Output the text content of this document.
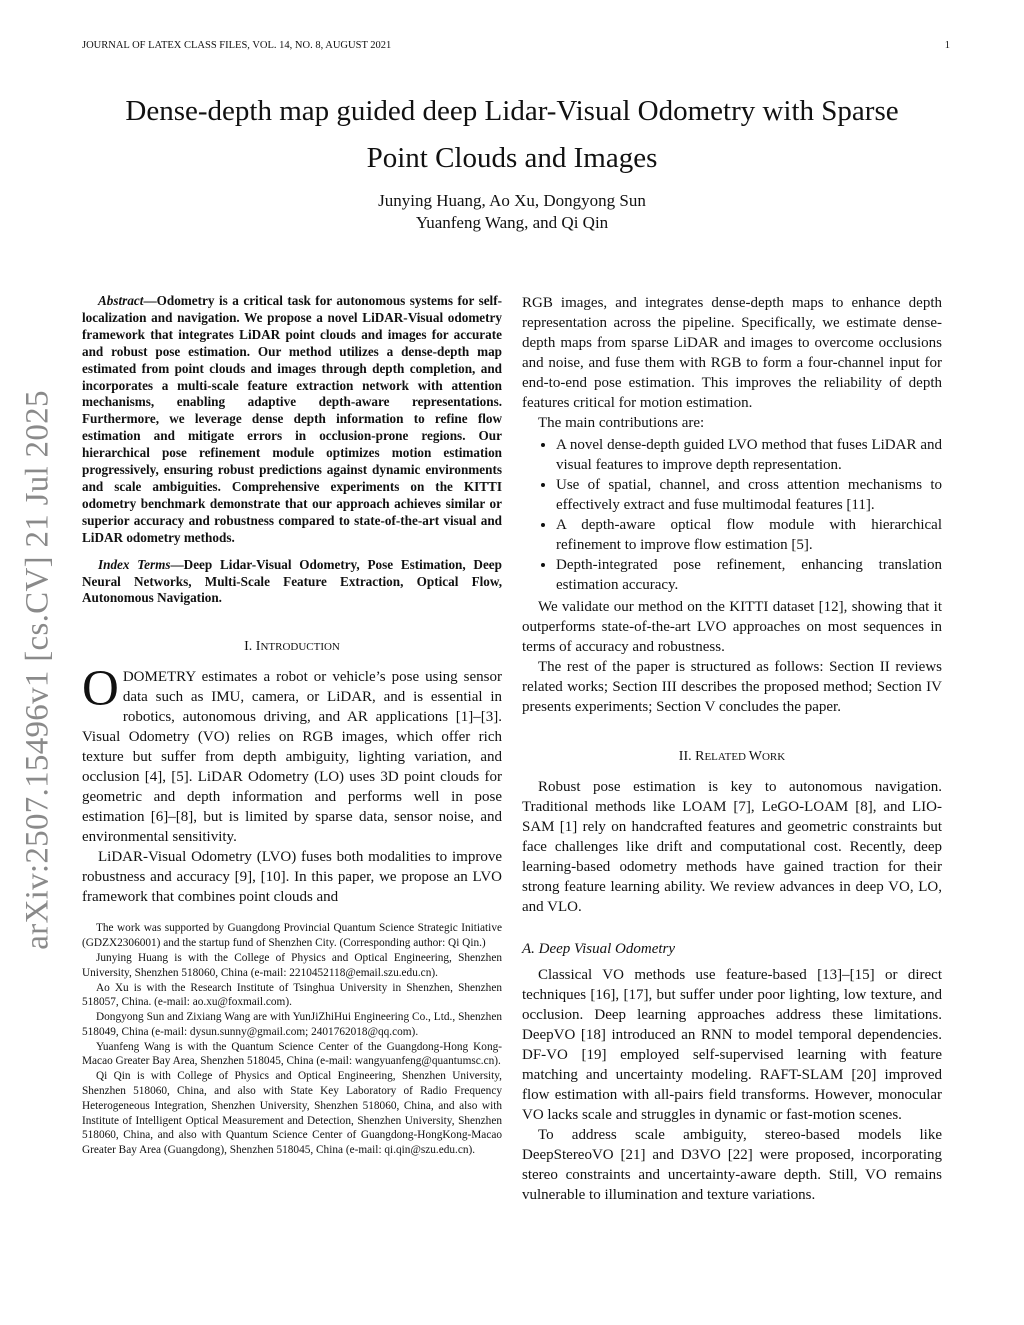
JOURNAL OF LATEX CLASS FILES, VOL. 14, NO. 8, AUGUST 2021	1
Dense-depth map guided deep Lidar-Visual Odometry with Sparse
Point Clouds and Images
Junying Huang, Ao Xu, Dongyong Sun
Yuanfeng Wang, and Qi Qin
arXiv:2507.15496v1 [cs.CV] 21 Jul 2025

Abstract—Odometry is a critical task for autonomous systems for self-localization and navigation. We propose a novel LiDAR-Visual odometry framework that integrates LiDAR point clouds and images for accurate and robust pose estimation. Our method utilizes a dense-depth map estimated from point clouds and images through depth completion, and incorporates a multi-scale feature extraction network with attention mechanisms, enabling adaptive depth-aware representations. Furthermore, we leverage dense depth information to refine flow estimation and mitigate errors in occlusion-prone regions. Our hierarchical pose refinement module optimizes motion estimation progressively, ensuring robust predictions against dynamic environments and scale ambiguities. Comprehensive experiments on the KITTI odometry benchmark demonstrate that our approach achieves similar or superior accuracy and robustness compared to state-of-the-art visual and LiDAR odometry methods.

Index Terms—Deep Lidar-Visual Odometry, Pose Estimation, Deep Neural Networks, Multi-Scale Feature Extraction, Optical Flow, Autonomous Navigation.

I. INTRODUCTION

ODOMETRY estimates a robot or vehicle’s pose using sensor data such as IMU, camera, or LiDAR, and is essential in robotics, autonomous driving, and AR applications [1]–[3]. Visual Odometry (VO) relies on RGB images, which offer rich texture but suffer from depth ambiguity, lighting variation, and occlusion [4], [5]. LiDAR Odometry (LO) uses 3D point clouds for geometric and depth information and performs well in pose estimation [6]–[8], but is limited by sparse data, sensor noise, and environmental sensitivity.

LiDAR-Visual Odometry (LVO) fuses both modalities to improve robustness and accuracy [9], [10]. In this paper, we propose an LVO framework that combines point clouds and

The work was supported by Guangdong Provincial Quantum Science Strategic Initiative (GDZX2306001) and the startup fund of Shenzhen City. (Corresponding author: Qi Qin.)

Junying Huang is with the College of Physics and Optical Engineering, Shenzhen University, Shenzhen 518060, China (e-mail: 2210452118@email.szu.edu.cn).

Ao Xu is with the Research Institute of Tsinghua University in Shenzhen, Shenzhen 518057, China. (e-mail: ao.xu@foxmail.com).

Dongyong Sun and Zixiang Wang are with YunJiZhiHui Engineering Co., Ltd., Shenzhen 518049, China (e-mail: dysun.sunny@gmail.com; 2401762018@qq.com).

Yuanfeng Wang is with the Quantum Science Center of the Guangdong-Hong Kong-Macao Greater Bay Area, Shenzhen 518045, China (e-mail: wangyuanfeng@quantumsc.cn).

Qi Qin is with College of Physics and Optical Engineering, Shenzhen University, Shenzhen 518060, China, and also with State Key Laboratory of Radio Frequency Heterogeneous Integration, Shenzhen University, Shenzhen 518060, China, and also with Institute of Intelligent Optical Measurement and Detection, Shenzhen University, Shenzhen 518060, China, and also with Quantum Science Center of Guangdong-HongKong-Macao Greater Bay Area (Guangdong), Shenzhen 518045, China (e-mail: qi.qin@szu.edu.cn).

RGB images, and integrates dense-depth maps to enhance depth representation across the pipeline. Specifically, we estimate dense-depth maps from sparse LiDAR and images to overcome occlusions and noise, and fuse them with RGB to form a four-channel input for end-to-end pose estimation. This improves the reliability of depth features critical for motion estimation.

The main contributions are:

• A novel dense-depth guided LVO method that fuses LiDAR and visual features to improve depth representation.
• Use of spatial, channel, and cross attention mechanisms to effectively extract and fuse multimodal features [11].
• A depth-aware optical flow module with hierarchical refinement to improve flow estimation [5].
• Depth-integrated pose refinement, enhancing translation estimation accuracy.

We validate our method on the KITTI dataset [12], showing that it outperforms state-of-the-art LVO approaches on most sequences in terms of accuracy and robustness.

The rest of the paper is structured as follows: Section II reviews related works; Section III describes the proposed method; Section IV presents experiments; Section V concludes the paper.

II. RELATED WORK

Robust pose estimation is key to autonomous navigation. Traditional methods like LOAM [7], LeGO-LOAM [8], and LIO-SAM [1] rely on handcrafted features and geometric constraints but face challenges like drift and computational cost. Recently, deep learning-based odometry methods have gained traction for their strong feature learning ability. We review advances in deep VO, LO, and VLO.

A. Deep Visual Odometry

Classical VO methods use feature-based [13]–[15] or direct techniques [16], [17], but suffer under poor lighting, low texture, and occlusion. Deep learning approaches address these limitations. DeepVO [18] introduced an RNN to model temporal dependencies. DF-VO [19] employed self-supervised learning with feature matching and uncertainty modeling. RAFT-SLAM [20] improved flow estimation with all-pairs field transforms. However, monocular VO lacks scale and struggles in dynamic or fast-motion scenes.

To address scale ambiguity, stereo-based models like DeepStereoVO [21] and D3VO [22] were proposed, incorporating stereo constraints and uncertainty-aware depth. Still, VO remains vulnerable to illumination and texture variations.
